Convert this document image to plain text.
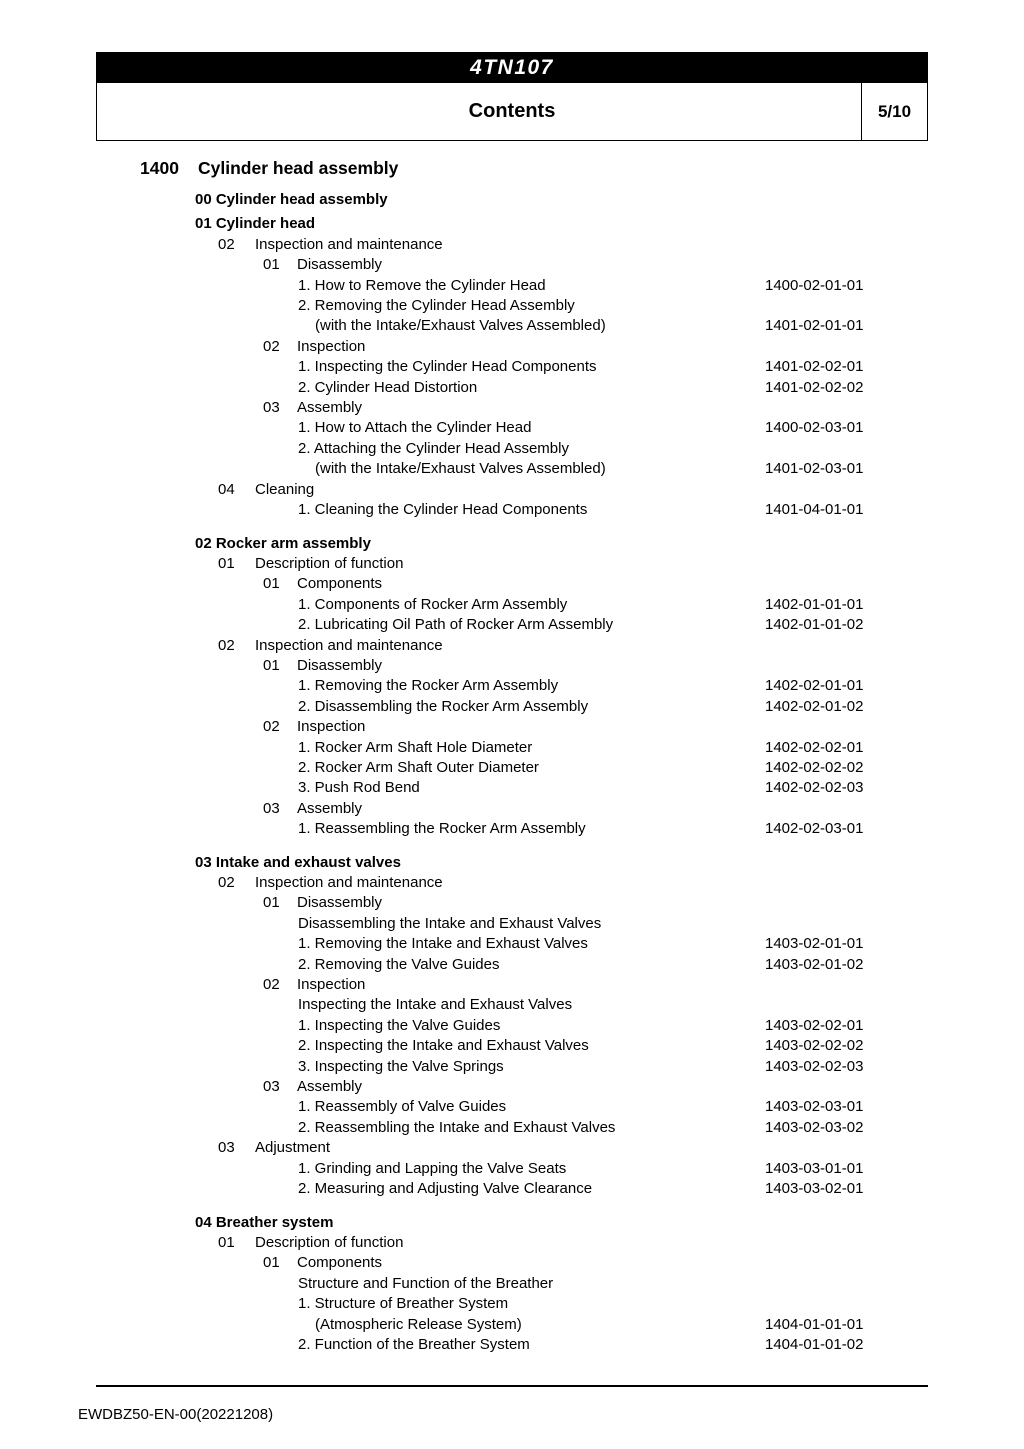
4TN107
Contents	5/10
1400	Cylinder head assembly
00 Cylinder head assembly
01 Cylinder head
02 Inspection and maintenance
01 Disassembly
1. How to Remove the Cylinder Head	1400-02-01-01
2. Removing the Cylinder Head Assembly
(with the Intake/Exhaust Valves Assembled)	1401-02-01-01
02 Inspection
1. Inspecting the Cylinder Head Components	1401-02-02-01
2. Cylinder Head Distortion	1401-02-02-02
03 Assembly
1. How to Attach the Cylinder Head	1400-02-03-01
2. Attaching the Cylinder Head Assembly
(with the Intake/Exhaust Valves Assembled)	1401-02-03-01
04 Cleaning
1. Cleaning the Cylinder Head Components	1401-04-01-01
02 Rocker arm assembly
01 Description of function
01 Components
1. Components of Rocker Arm Assembly	1402-01-01-01
2. Lubricating Oil Path of Rocker Arm Assembly	1402-01-01-02
02 Inspection and maintenance
01 Disassembly
1. Removing the Rocker Arm Assembly	1402-02-01-01
2. Disassembling the Rocker Arm Assembly	1402-02-01-02
02 Inspection
1. Rocker Arm Shaft Hole Diameter	1402-02-02-01
2. Rocker Arm Shaft Outer Diameter	1402-02-02-02
3. Push Rod Bend	1402-02-02-03
03 Assembly
1. Reassembling the Rocker Arm Assembly	1402-02-03-01
03 Intake and exhaust valves
02 Inspection and maintenance
01 Disassembly
Disassembling the Intake and Exhaust Valves
1. Removing the Intake and Exhaust Valves	1403-02-01-01
2. Removing the Valve Guides	1403-02-01-02
02 Inspection
Inspecting the Intake and Exhaust Valves
1. Inspecting the Valve Guides	1403-02-02-01
2. Inspecting the Intake and Exhaust Valves	1403-02-02-02
3. Inspecting the Valve Springs	1403-02-02-03
03 Assembly
1. Reassembly of Valve Guides	1403-02-03-01
2. Reassembling the Intake and Exhaust Valves	1403-02-03-02
03 Adjustment
1. Grinding and Lapping the Valve Seats	1403-03-01-01
2. Measuring and Adjusting Valve Clearance	1403-03-02-01
04 Breather system
01 Description of function
01 Components
Structure and Function of the Breather
1. Structure of Breather System
(Atmospheric Release System)	1404-01-01-01
2. Function of the Breather System	1404-01-01-02
EWDBZ50-EN-00(20221208)
